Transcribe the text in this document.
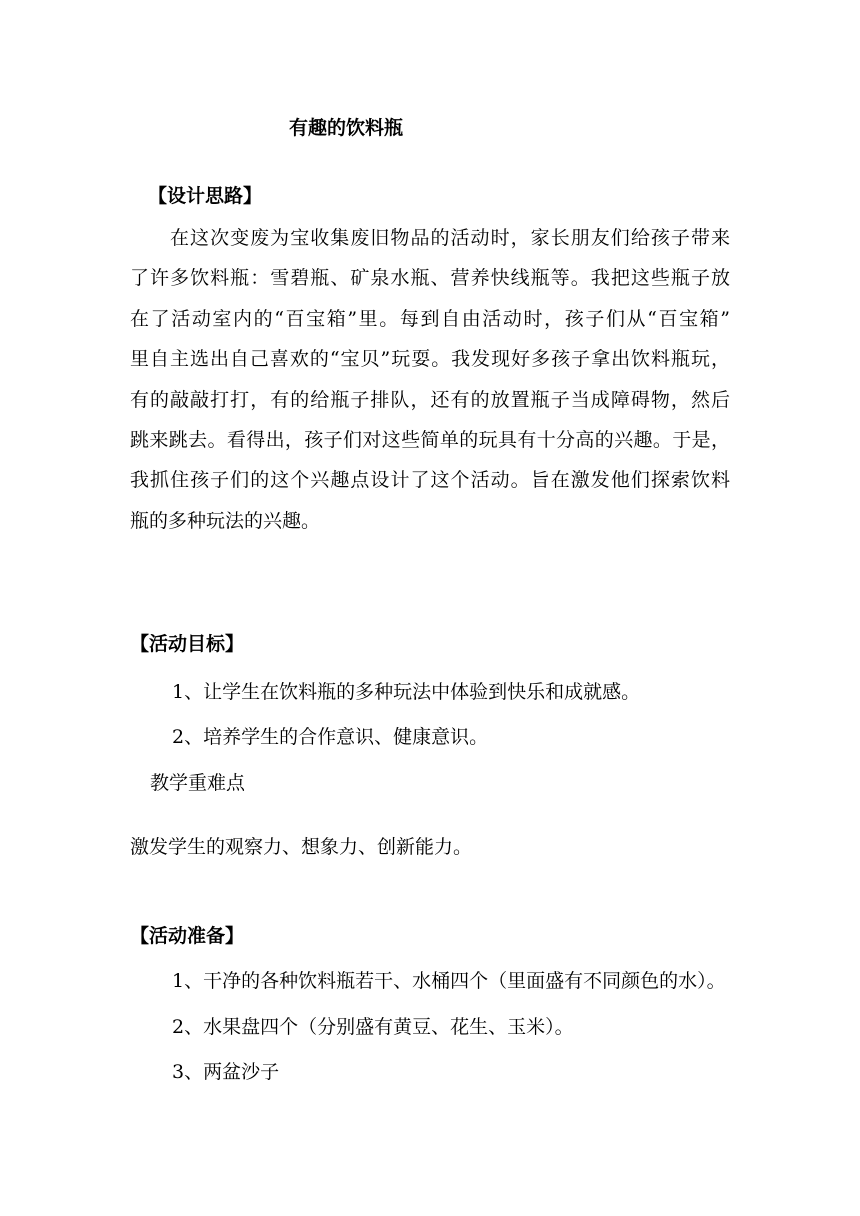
有趣的饮料瓶
【设计思路】
在这次变废为宝收集废旧物品的活动时，家长朋友们给孩子带来
了许多饮料瓶：雪碧瓶、矿泉水瓶、营养快线瓶等。我把这些瓶子放
在了活动室内的“百宝箱”里。每到自由活动时，孩子们从“百宝箱”
里自主选出自己喜欢的“宝贝”玩耍。我发现好多孩子拿出饮料瓶玩，
有的敲敲打打，有的给瓶子排队，还有的放置瓶子当成障碍物，然后
跳来跳去。看得出，孩子们对这些简单的玩具有十分高的兴趣。于是，
我抓住孩子们的这个兴趣点设计了这个活动。旨在激发他们探索饮料
瓶的多种玩法的兴趣。
【活动目标】
1、让学生在饮料瓶的多种玩法中体验到快乐和成就感。
2、培养学生的合作意识、健康意识。
教学重难点
激发学生的观察力、想象力、创新能力。
【活动准备】
1、干净的各种饮料瓶若干、水桶四个（里面盛有不同颜色的水）。
2、水果盘四个（分别盛有黄豆、花生、玉米）。
3、两盆沙子
